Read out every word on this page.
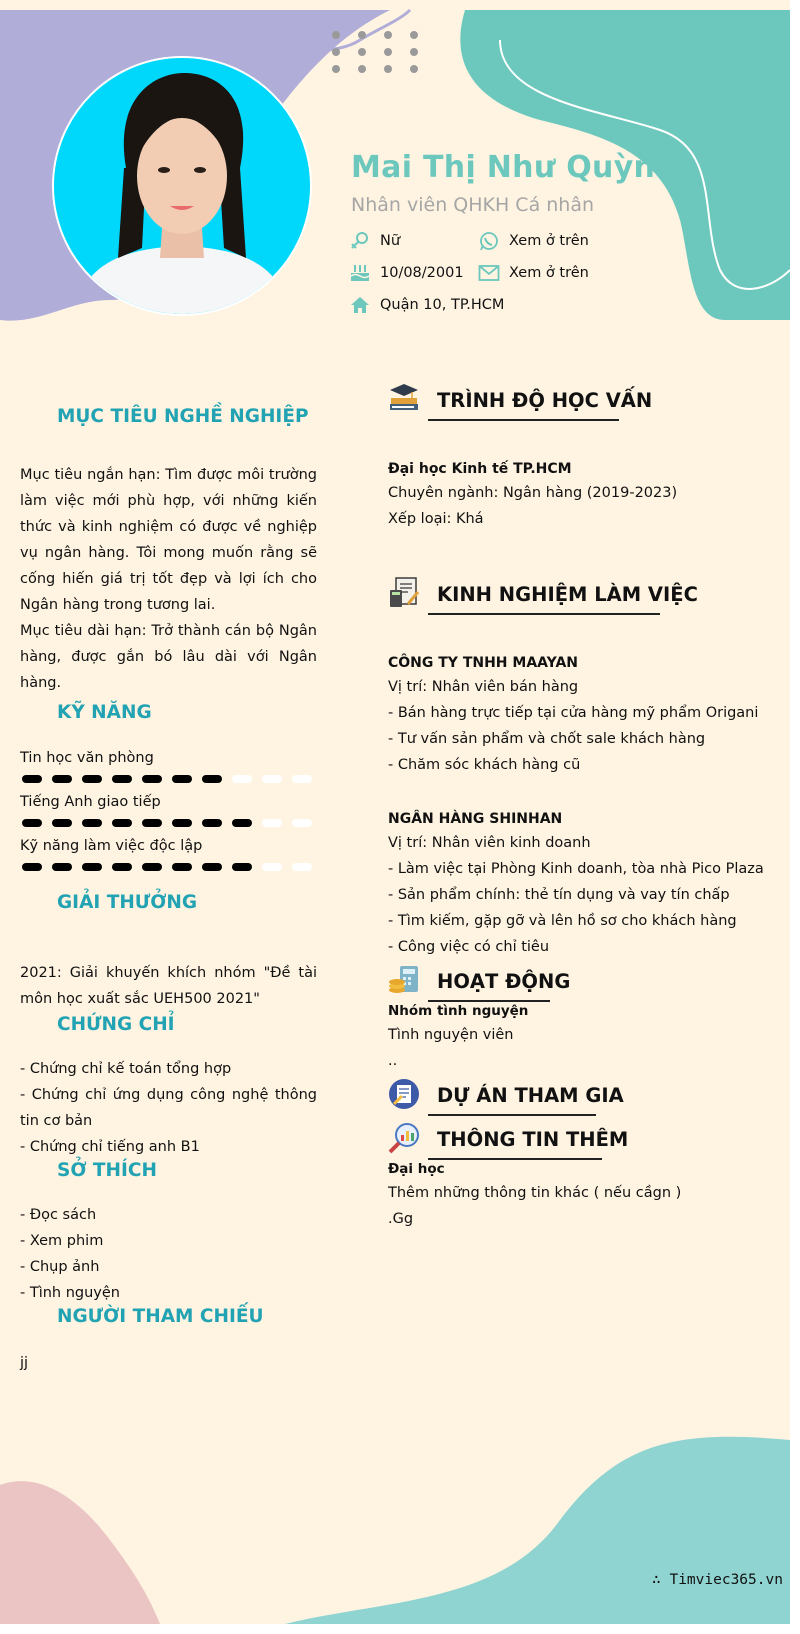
Mai Thị Như Quỳnh
Nhân viên QHKH Cá nhân
Nữ	Xem ở trên
10/08/2001	Xem ở trên
Quận 10, TP.HCM
MỤC TIÊU NGHỀ NGHIỆP

Mục tiêu ngắn hạn: Tìm được môi trường làm việc mới phù hợp, với những kiến thức và kinh nghiệm có được về nghiệp vụ ngân hàng. Tôi mong muốn rằng sẽ cống hiến giá trị tốt đẹp và lợi ích cho Ngân hàng trong tương lai.

Mục tiêu dài hạn: Trở thành cán bộ Ngân hàng, được gắn bó lâu dài với Ngân hàng.

KỸ NĂNG
Tin học văn phòng
Tiếng Anh giao tiếp
Kỹ năng làm việc độc lập
GIẢI THƯỞNG

2021: Giải khuyến khích nhóm "Đề tài môn học xuất sắc UEH500 2021"

CHỨNG CHỈ

- Chứng chỉ kế toán tổng hợp

- Chứng chỉ ứng dụng công nghệ thông tin cơ bản

- Chứng chỉ tiếng anh B1

SỞ THÍCH

- Đọc sách

- Xem phim

- Chụp ảnh

- Tình nguyện

NGƯỜI THAM CHIẾU

jj

TRÌNH ĐỘ HỌC VẤN
Đại học Kinh tế TP.HCM

Chuyên ngành: Ngân hàng (2019-2023)

Xếp loại: Khá

KINH NGHIỆM LÀM VIỆC
CÔNG TY TNHH MAAYAN

Vị trí: Nhân viên bán hàng

- Bán hàng trực tiếp tại cửa hàng mỹ phẩm Origani

- Tư vấn sản phẩm và chốt sale khách hàng

- Chăm sóc khách hàng cũ

NGÂN HÀNG SHINHAN

Vị trí: Nhân viên kinh doanh

- Làm việc tại Phòng Kinh doanh, tòa nhà Pico Plaza

- Sản phẩm chính: thẻ tín dụng và vay tín chấp

- Tìm kiếm, gặp gỡ và lên hồ sơ cho khách hàng

- Công việc có chỉ tiêu

HOẠT ĐỘNG
Nhóm tình nguyện

Tình nguyện viên

..

DỰ ÁN THAM GIA
THÔNG TIN THÊM
Đại học

Thêm những thông tin khác ( nếu cầgn )

.Gg

∴ Timviec365.vn
